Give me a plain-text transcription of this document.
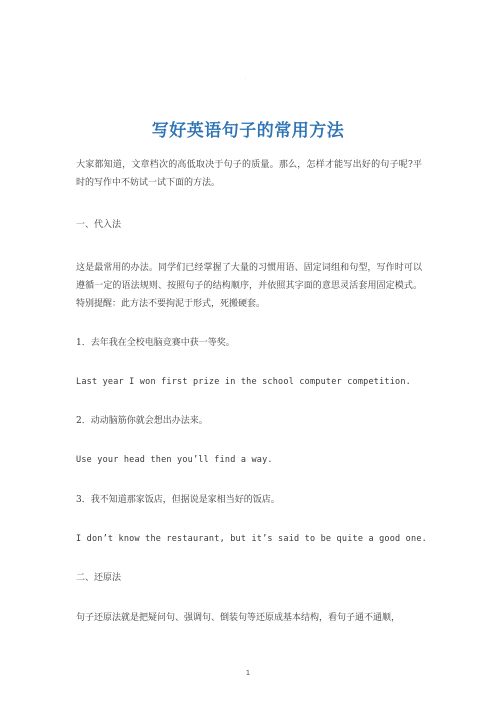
·
写好英语句子的常用方法
大家都知道，文章档次的高低取决于句子的质量。那么，怎样才能写出好的句子呢?平时的写作中不妨试一试下面的方法。
一、代入法
这是最常用的办法。同学们已经掌握了大量的习惯用语、固定词组和句型，写作时可以遵循一定的语法规则、按照句子的结构顺序，并依照其字面的意思灵活套用固定模式。特别提醒：此方法不要拘泥于形式，死搬硬套。
1．去年我在全校电脑竞赛中获一等奖。
Last year I won first prize in the school computer competition.
2．动动脑筋你就会想出办法来。
Use your head then you’ll find a way.
3．我不知道那家饭店，但据说是家相当好的饭店。
I don’t know the restaurant, but it’s said to be quite a good one.
二、还原法
句子还原法就是把疑问句、强调句、倒装句等还原成基本结构，看句子通不通顺，
1
